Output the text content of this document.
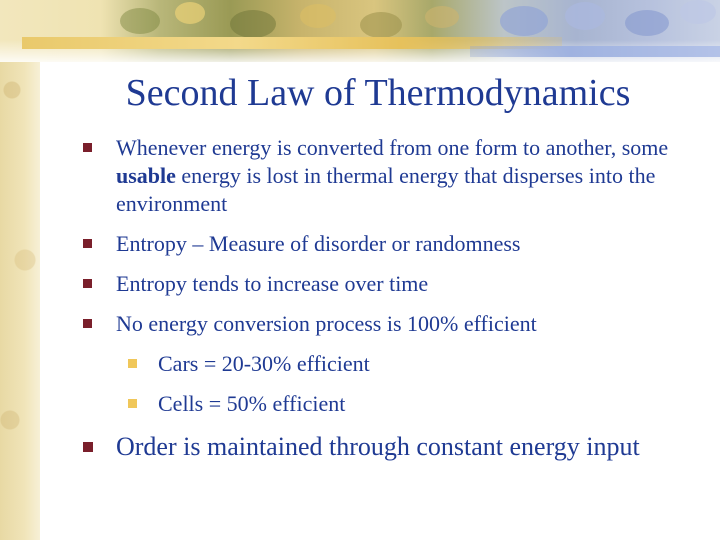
Second Law of Thermodynamics
Whenever energy is converted from one form to another, some usable energy is lost in thermal energy that disperses into the environment
Entropy – Measure of disorder or randomness
Entropy tends to increase over time
No energy conversion process is 100% efficient
Cars = 20-30% efficient
Cells = 50% efficient
Order is maintained through constant energy input
